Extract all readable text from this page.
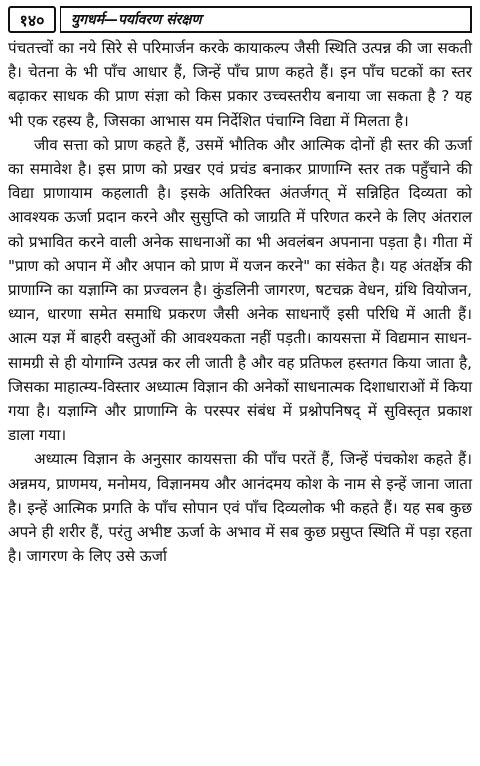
१४०	युगधर्म—पर्यावरण संरक्षण

पंचतत्त्वों का नये सिरे से परिमार्जन करके कायाकल्प जैसी स्थिति उत्पन्न की जा सकती है। चेतना के भी पाँच आधार हैं, जिन्हें पाँच प्राण कहते हैं। इन पाँच घटकों का स्तर बढ़ाकर साधक की प्राण संज्ञा को किस प्रकार उच्चस्तरीय बनाया जा सकता है ? यह भी एक रहस्य है, जिसका आभास यम निर्देशित पंचाग्नि विद्या में मिलता है।

जीव सत्ता को प्राण कहते हैं, उसमें भौतिक और आत्मिक दोनों ही स्तर की ऊर्जा का समावेश है। इस प्राण को प्रखर एवं प्रचंड बनाकर प्राणाग्नि स्तर तक पहुँचाने की विद्या प्राणायाम कहलाती है। इसके अतिरिक्त अंतर्जगत् में सन्निहित दिव्यता को आवश्यक ऊर्जा प्रदान करने और सुसुप्ति को जाग्रति में परिणत करने के लिए अंतराल को प्रभावित करने वाली अनेक साधनाओं का भी अवलंबन अपनाना पड़ता है। गीता में "प्राण को अपान में और अपान को प्राण में यजन करने" का संकेत है। यह अंतर्क्षेत्र की प्राणाग्नि का यज्ञाग्नि का प्रज्वलन है। कुंडलिनी जागरण, षटचक्र वेधन, ग्रंथि वियोजन, ध्यान, धारणा समेत समाधि प्रकरण जैसी अनेक साधनाएँ इसी परिधि में आती हैं। आत्म यज्ञ में बाहरी वस्तुओं की आवश्यकता नहीं पड़ती। कायसत्ता में विद्यमान साधन-सामग्री से ही योगाग्नि उत्पन्न कर ली जाती है और वह प्रतिफल हस्तगत किया जाता है, जिसका माहात्म्य-विस्तार अध्यात्म विज्ञान की अनेकों साधनात्मक दिशाधाराओं में किया गया है। यज्ञाग्नि और प्राणाग्नि के परस्पर संबंध में प्रश्नोपनिषद् में सुविस्तृत प्रकाश डाला गया।

अध्यात्म विज्ञान के अनुसार कायसत्ता की पाँच परतें हैं, जिन्हें पंचकोश कहते हैं। अन्नमय, प्राणमय, मनोमय, विज्ञानमय और आनंदमय कोश के नाम से इन्हें जाना जाता है। इन्हें आत्मिक प्रगति के पाँच सोपान एवं पाँच दिव्यलोक भी कहते हैं। यह सब कुछ अपने ही शरीर हैं, परंतु अभीष्ट ऊर्जा के अभाव में सब कुछ प्रसुप्त स्थिति में पड़ा रहता है। जागरण के लिए उसे ऊर्जा
